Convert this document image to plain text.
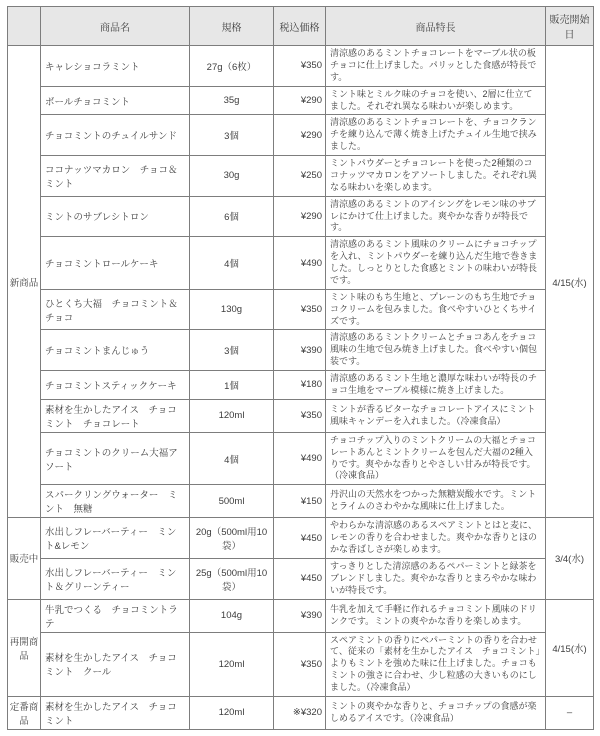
	商品名	規格	税込価格	商品特長	販売開始日
新商品	キャレショコラミント	27g（6枚）	¥350	清涼感のあるミントチョコレートをマーブル状の板チョコに仕上げました。パリッとした食感が特長です。	4/15(水)
	ボールチョコミント	35g	¥290	ミント味とミルク味のチョコを使い、2層に仕立てました。それぞれ異なる味わいが楽しめます。	
	チョコミントのチュイルサンド	3個	¥290	清涼感のあるミントチョコレートを、チョコクランチを練り込んで薄く焼き上げたチュイル生地で挟みました。	
	ココナッツマカロン　チョコ＆ミント	30g	¥250	ミントパウダーとチョコレートを使った2種類のココナッツマカロンをアソートしました。それぞれ異なる味わいを楽しめます。	
	ミントのサブレシトロン	6個	¥290	清涼感のあるミントのアイシングをレモン味のサブレにかけて仕上げました。爽やかな香りが特長です。	
	チョコミントロールケーキ	4個	¥490	清涼感のあるミント風味のクリームにチョコチップを入れ、ミントパウダーを練り込んだ生地で巻きました。しっとりとした食感とミントの味わいが特長です。	
	ひとくち大福　チョコミント＆チョコ	130g	¥350	ミント味のもち生地と、プレーンのもち生地でチョコクリームを包みました。食べやすいひとくちサイズです。	
	チョコミントまんじゅう	3個	¥390	清涼感のあるミントクリームとチョコあんをチョコ風味の生地で包み焼き上げました。食べやすい個包装です。	
	チョコミントスティックケーキ	1個	¥180	清涼感のあるミント生地と濃厚な味わいが特長のチョコ生地をマーブル模様に焼き上げました。	
	素材を生かしたアイス　チョコミント　チョコレート	120ml	¥350	ミントが香るビターなチョコレートアイスにミント風味キャンデーを入れました。（冷凍食品）	
	チョコミントのクリーム大福アソート	4個	¥490	チョコチップ入りのミントクリームの大福とチョコレートあんとミントクリームを包んだ大福の2種入りです。爽やかな香りとやさしい甘みが特長です。（冷凍食品）	
	スパークリングウォーター　ミント　無糖	500ml	¥150	丹沢山の天然水をつかった無糖炭酸水です。ミントとライムのさわやかな風味に仕上げました。	
販売中	水出しフレーバーティー　ミント&レモン	20g（500ml用10袋）	¥450	やわらかな清涼感のあるスペアミントとはと麦に、レモンの香りを合わせました。爽やかな香りとほのかな香ばしさが楽しめます。	3/4(水)
	水出しフレーバーティー　ミント＆グリーンティー	25g（500ml用10袋）	¥450	すっきりとした清涼感のあるペパーミントと緑茶をブレンドしました。爽やかな香りとまろやかな味わいが特長です。	
再開商品	牛乳でつくる　チョコミントラテ	104g	¥390	牛乳を加えて手軽に作れるチョコミント風味のドリンクです。ミントの爽やかな香りを楽しめます。	4/15(水)
	素材を生かしたアイス　チョコミント　クール	120ml	¥350	スペアミントの香りにペパーミントの香りを合わせて、従来の「素材を生かしたアイス　チョコミント」よりもミントを強めた味に仕上げました。チョコもミントの強さに合わせ、少し粒感の大きいものにしました。（冷凍食品）	
定番商品	素材を生かしたアイス　チョコミント	120ml	※¥320	ミントの爽やかな香りと、チョコチップの食感が楽しめるアイスです。（冷凍食品）	–
